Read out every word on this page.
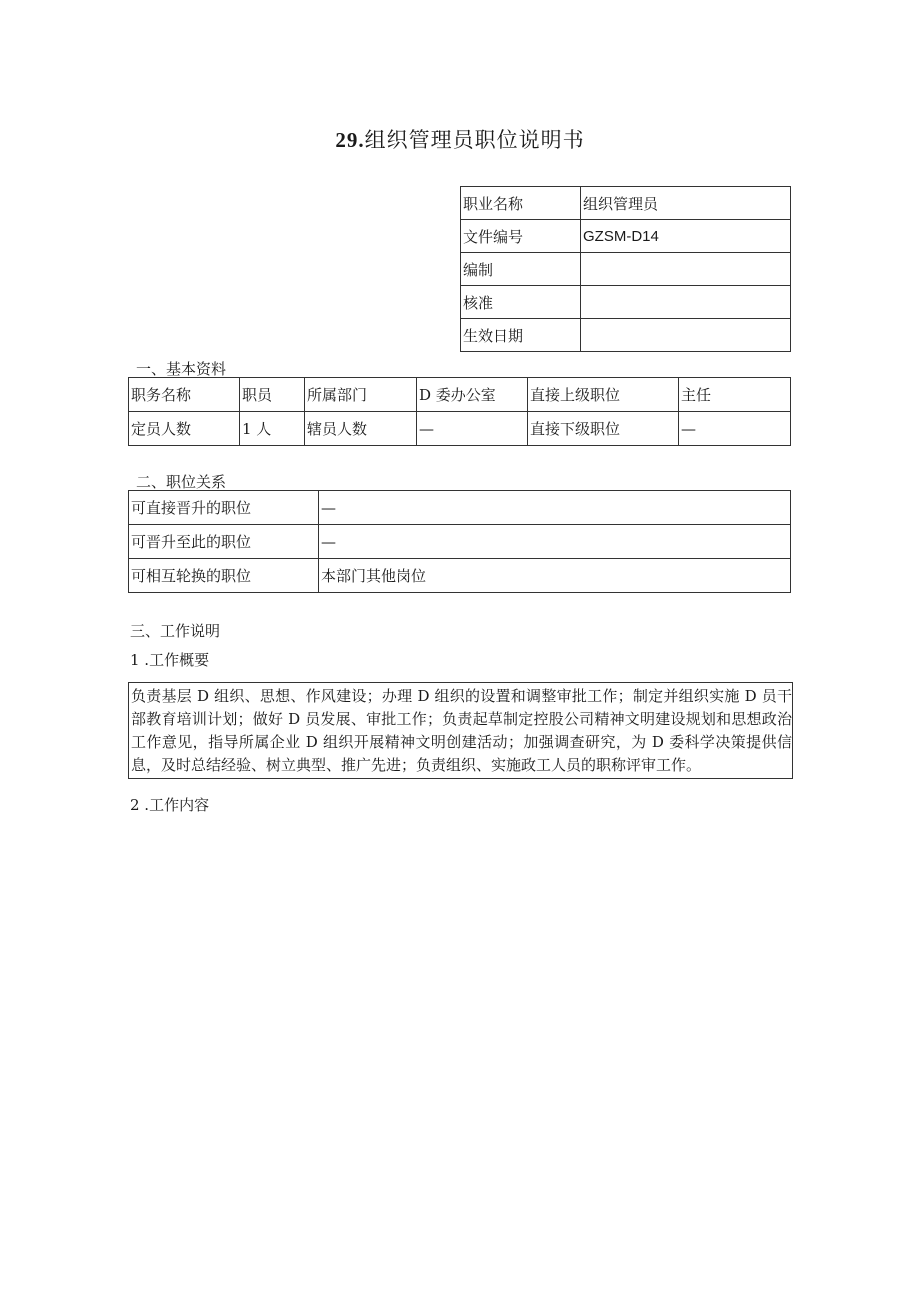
29.组织管理员职位说明书
职业名称	组织管理员
文件编号	GZSM-D14
编制	
核准	
生效日期	
一、基本资料
职务名称	职员	所属部门	D 委办公室	直接上级职位	主任
定员人数	1 人	辖员人数	—	直接下级职位	—
二、职位关系
可直接晋升的职位	—
可晋升至此的职位	—
可相互轮换的职位	本部门其他岗位
三、工作说明
1 .工作概要
负责基层 D 组织、思想、作风建设；办理 D 组织的设置和调整审批工作；制定并组织实施 D 员干部教育培训计划；做好 D 员发展、审批工作；负责起草制定控股公司精神文明建设规划和思想政治工作意见，指导所属企业 D 组织开展精神文明创建活动；加强调查研究，为 D 委科学决策提供信息，及时总结经验、树立典型、推广先进；负责组织、实施政工人员的职称评审工作。
2 .工作内容
